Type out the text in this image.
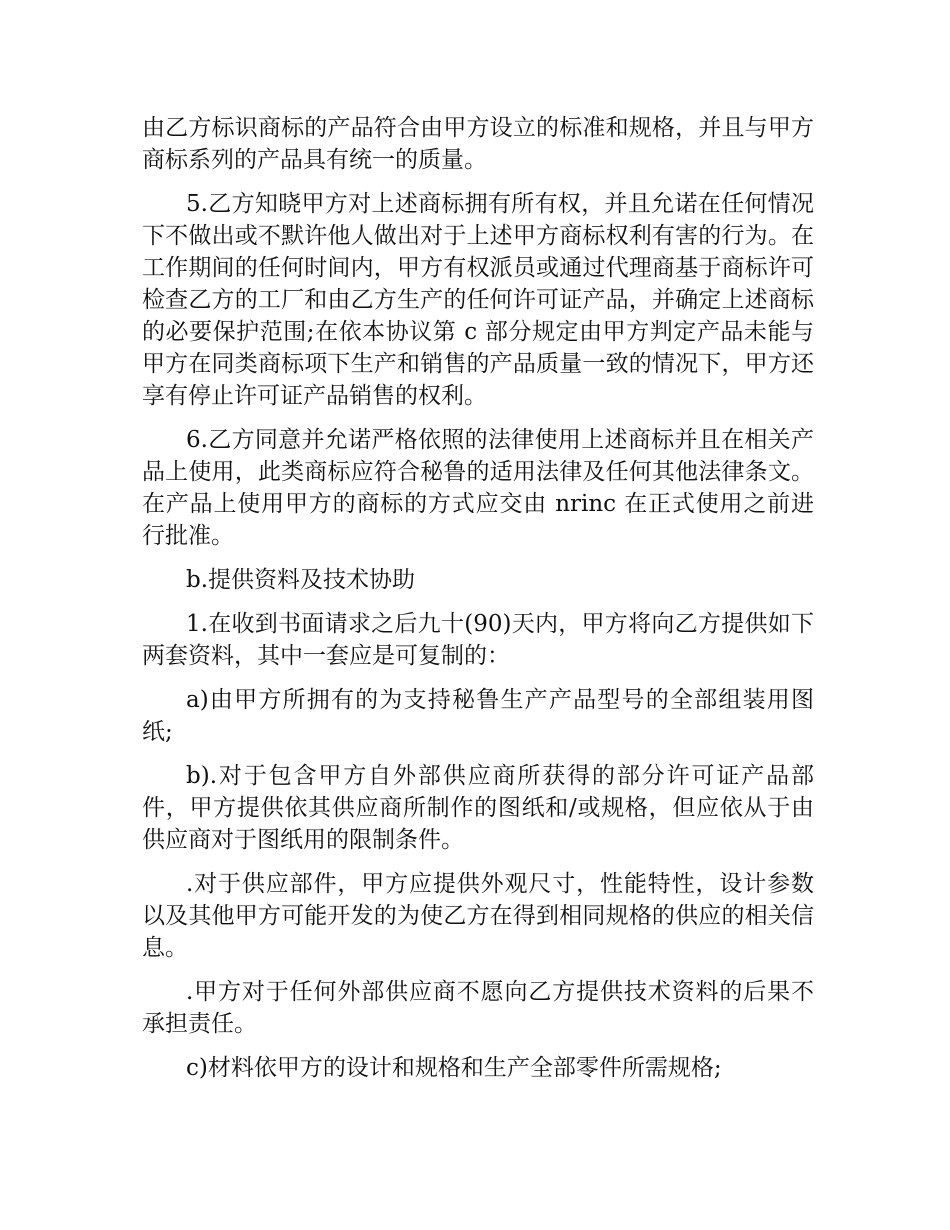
由乙方标识商标的产品符合由甲方设立的标准和规格，并且与甲方商标系列的产品具有统一的质量。

5.乙方知晓甲方对上述商标拥有所有权，并且允诺在任何情况下不做出或不默许他人做出对于上述甲方商标权利有害的行为。在工作期间的任何时间内，甲方有权派员或通过代理商基于商标许可检查乙方的工厂和由乙方生产的任何许可证产品，并确定上述商标的必要保护范围;在依本协议第 c 部分规定由甲方判定产品未能与甲方在同类商标项下生产和销售的产品质量一致的情况下，甲方还享有停止许可证产品销售的权利。

6.乙方同意并允诺严格依照的法律使用上述商标并且在相关产品上使用，此类商标应符合秘鲁的适用法律及任何其他法律条文。在产品上使用甲方的商标的方式应交由 nrinc 在正式使用之前进行批准。

b.提供资料及技术协助

1.在收到书面请求之后九十(90)天内，甲方将向乙方提供如下两套资料，其中一套应是可复制的：

a)由甲方所拥有的为支持秘鲁生产产品型号的全部组装用图纸;

b).对于包含甲方自外部供应商所获得的部分许可证产品部件，甲方提供依其供应商所制作的图纸和/或规格，但应依从于由供应商对于图纸用的限制条件。

.对于供应部件，甲方应提供外观尺寸，性能特性，设计参数以及其他甲方可能开发的为使乙方在得到相同规格的供应的相关信息。

.甲方对于任何外部供应商不愿向乙方提供技术资料的后果不承担责任。

c)材料依甲方的设计和规格和生产全部零件所需规格;
